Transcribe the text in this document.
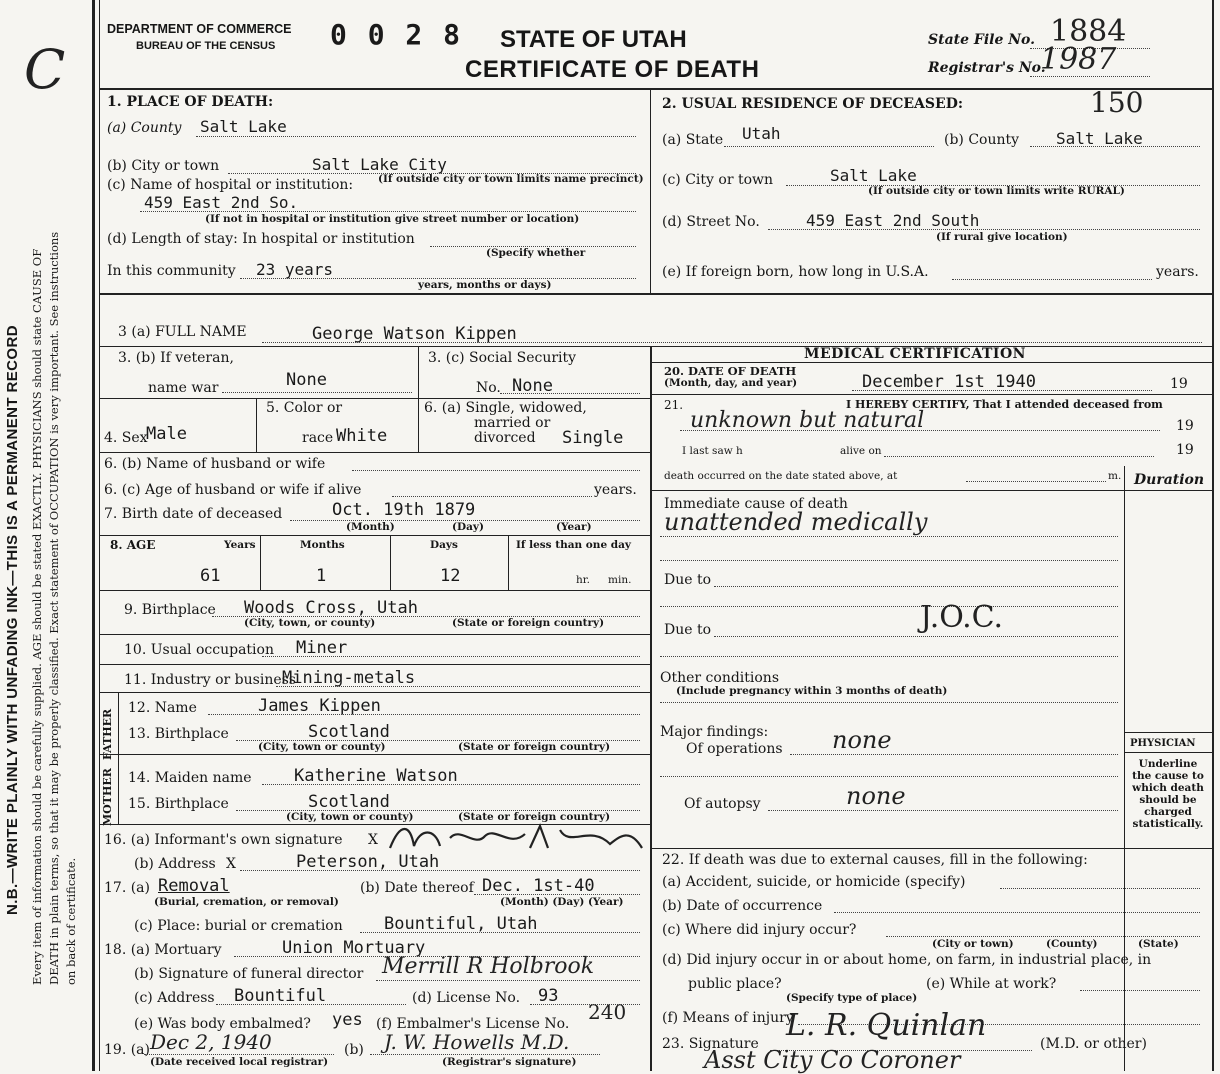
C
N.B.—WRITE PLAINLY WITH UNFADING INK—THIS IS A PERMANENT RECORD Every item of information should be carefully supplied. AGE should be stated EXACTLY. PHYSICIANS should state CAUSE OF DEATH in plain terms, so that it may be properly classified. Exact statement of OCCUPATION is very important. See instructions on back of certificate.
DEPARTMENT OF COMMERCE
BUREAU OF THE CENSUS 0 0 2 8 STATE OF UTAH
CERTIFICATE OF DEATH
State File No. 1884
Registrar's No.
1987
1. PLACE OF DEATH:
(a) County Salt Lake
(b) City or town	Salt Lake City
(c) Name of hospital or institution: (If outside city or town limits name precinct)
459 East 2nd So.
(If not in hospital or institution give street number or location)
(d) Length of stay: In hospital or institution
(Specify whether
In this community 23 years
years, months or days)
2. USUAL RESIDENCE OF DECEASED:	150
(a) State Utah	(b) County Salt Lake
(c) City or town	Salt Lake
(If outside city or town limits write RURAL)
(d) Street No.	459 East 2nd South
(If rural give location)
(e) If foreign born, how long in U.S.A.	years.
3 (a) FULL NAME	George Watson Kippen
3. (b) If veteran,
name war	None
3. (c) Social Security
No. None
4. Sex
Male
5. Color or
race White
6. (a) Single, widowed,
married or
divorced Single
6. (b) Name of husband or wife
6. (c) Age of husband or wife if alive	years.
7. Birth date of deceased	Oct. 19th 1879
(Month)	(Day)	(Year)
8. AGE	Years	Months	Days	If less than one day
61	1	12	hr. min.
9. Birthplace Woods Cross, Utah
(City, town, or county)	(State or foreign country)
10. Usual occupation Miner
11. Industry or business
Mining-metals
FATHER
12. Name	James Kippen
13. Birthplace	Scotland
(City, town or county)	(State or foreign country)
MOTHER 14. Maiden name Katherine Watson
15. Birthplace	Scotland
(City, town or county)	(State or foreign country)
16. (a) Informant's own signature X
(b) Address X	Peterson, Utah
17. (a) Removal
(Burial, cremation, or removal)
(b) Date thereof Dec. 1st-40
(Month) (Day) (Year)
(c) Place: burial or cremation Bountiful, Utah
18. (a) Mortuary	Union Mortuary
(b) Signature of funeral director Merrill R Holbrook
(c) Address Bountiful	(d) License No. 93
(e) Was body embalmed? yes (f) Embalmer's License No. 240
19. (a) Dec 2, 1940
(Date received local registrar)
(b) J. W. Howells M.D.
(Registrar's signature)
MEDICAL CERTIFICATION
20. DATE OF DEATH
(Month, day, and year)	December 1st 1940	19
21.	I HEREBY CERTIFY, That I attended deceased from
unknown but natural	19
I last saw h	alive on	19
death occurred on the date stated above, at	m. Duration
Immediate cause of death
unattended medically
Due to
Due to	J.O.C.
Other conditions
(Include pregnancy within 3 months of death)
Major findings:
Of operations none
Of autopsy	none
PHYSICIAN
Underline the cause to which death should be charged statistically.
22. If death was due to external causes, fill in the following:
(a) Accident, suicide, or homicide (specify)
(b) Date of occurrence
(c) Where did injury occur?
(City or town)	(County)	(State)
(d) Did injury occur in or about home, on farm, in industrial place, in
public place?
(Specify type of place)
(e) While at work?
(f) Means of injury
23. Signature
L. R. Quinlan
(M.D. or other)
Asst City Co Coroner
